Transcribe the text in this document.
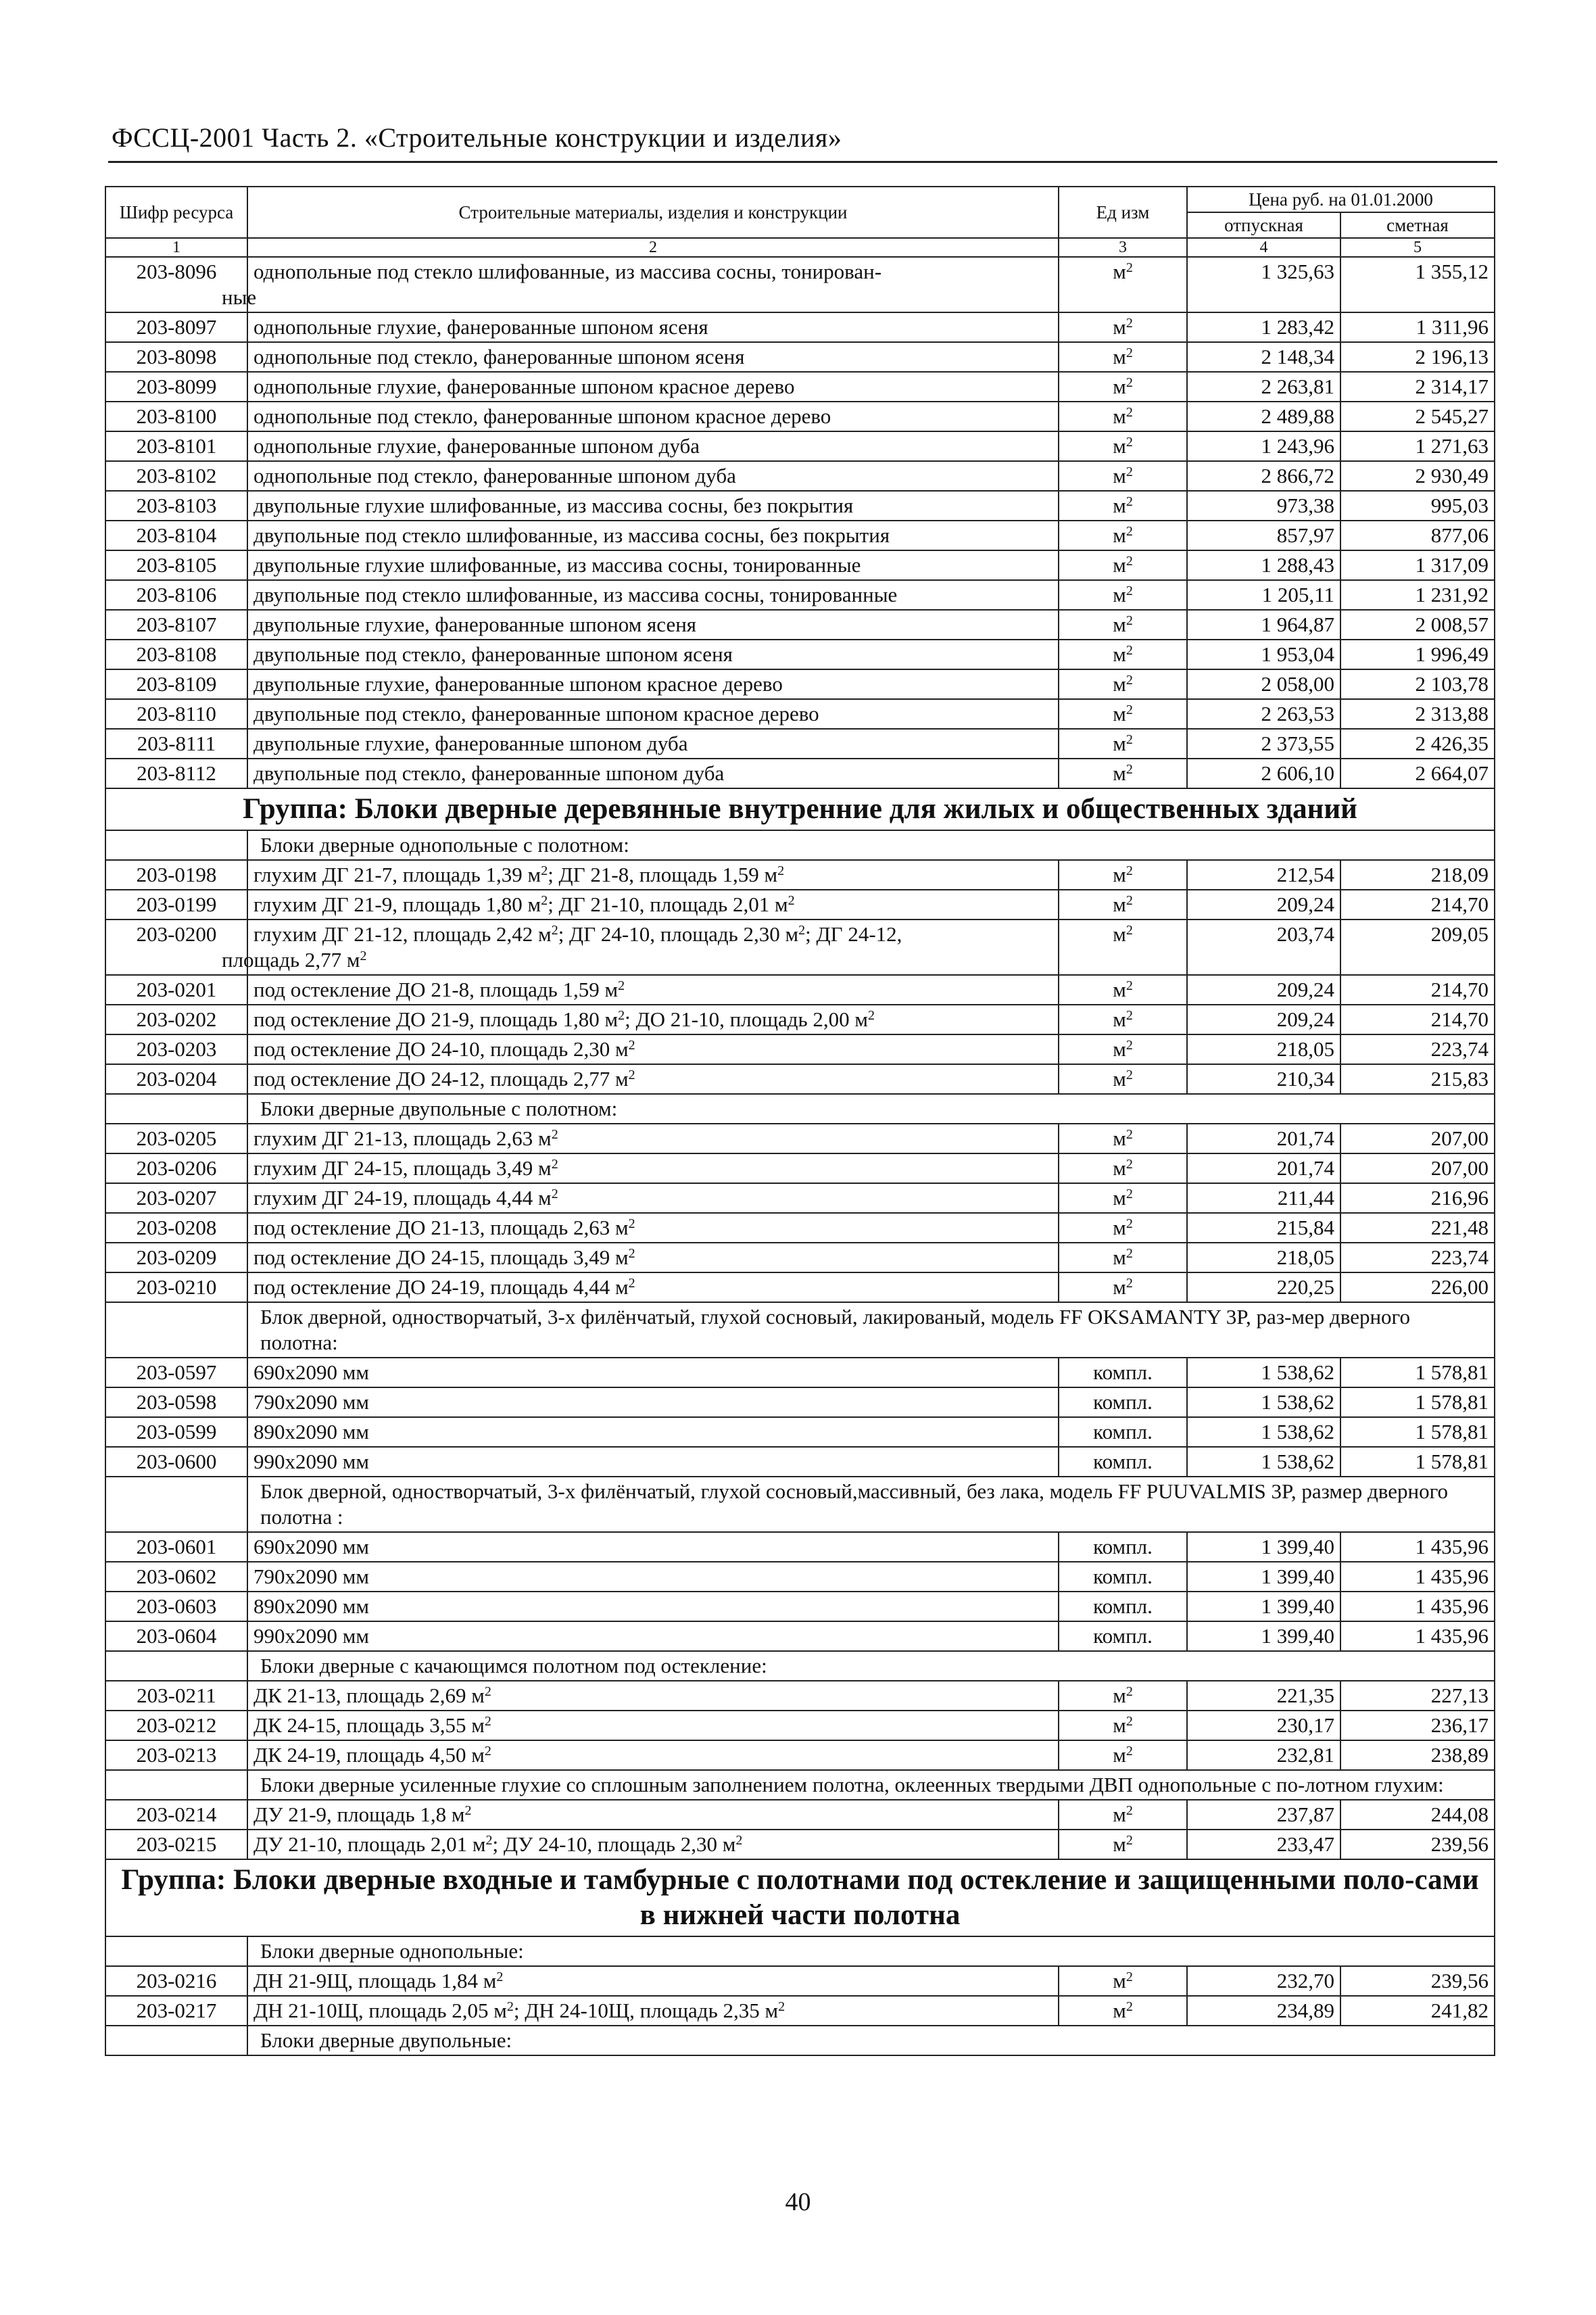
ФССЦ-2001 Часть 2. «Строительные конструкции и изделия»
Шифр ресурса	Строительные материалы, изделия и конструкции	Ед изм	Цена руб. на 01.01.2000	
			отпускная	сметная
1	2	3	4	5
203-8096	однопольные под стекло шлифованные, из массива сосны, тонирован-
ные	$м^2$	1 325,63	1 355,12
203-8097	однопольные глухие, фанерованные шпоном ясеня	$м^2$	1 283,42	1 311,96
203-8098	однопольные под стекло, фанерованные шпоном ясеня	$м^2$	2 148,34	2 196,13
203-8099	однопольные глухие, фанерованные шпоном красное дерево	$м^2$	2 263,81	2 314,17
203-8100	однопольные под стекло, фанерованные шпоном красное дерево	$м^2$	2 489,88	2 545,27
203-8101	однопольные глухие, фанерованные шпоном дуба	$м^2$	1 243,96	1 271,63
203-8102	однопольные под стекло, фанерованные шпоном дуба	$м^2$	2 866,72	2 930,49
203-8103	двупольные глухие шлифованные, из массива сосны, без покрытия	$м^2$	973,38	995,03
203-8104	двупольные под стекло шлифованные, из массива сосны, без покрытия	$м^2$	857,97	877,06
203-8105	двупольные глухие шлифованные, из массива сосны, тонированные	$м^2$	1 288,43	1 317,09
203-8106	двупольные под стекло шлифованные, из массива сосны, тонированные	$м^2$	1 205,11	1 231,92
203-8107	двупольные глухие, фанерованные шпоном ясеня	$м^2$	1 964,87	2 008,57
203-8108	двупольные под стекло, фанерованные шпоном ясеня	$м^2$	1 953,04	1 996,49
203-8109	двупольные глухие, фанерованные шпоном красное дерево	$м^2$	2 058,00	2 103,78
203-8110	двупольные под стекло, фанерованные шпоном красное дерево	$м^2$	2 263,53	2 313,88
203-8111	двупольные глухие, фанерованные шпоном дуба	$м^2$	2 373,55	2 426,35
203-8112	двупольные под стекло, фанерованные шпоном дуба	$м^2$	2 606,10	2 664,07
Группа: Блоки дверные деревянные внутренние для жилых и общественных зданий				
	Блоки дверные однопольные с полотном:			
203-0198	глухим ДГ 21-7, площадь 1,39 $м^2$; ДГ 21-8, площадь 1,59 $м^2$	$м^2$	212,54	218,09
203-0199	глухим ДГ 21-9, площадь 1,80 $м^2$; ДГ 21-10, площадь 2,01 $м^2$	$м^2$	209,24	214,70
203-0200	глухим ДГ 21-12, площадь 2,42 $м^2$; ДГ 24-10, площадь 2,30 $м^2$; ДГ 24-12,
площадь 2,77 $м^2$	$м^2$	203,74	209,05
203-0201	под остекление ДО 21-8, площадь 1,59 $м^2$	$м^2$	209,24	214,70
203-0202	под остекление ДО 21-9, площадь 1,80 $м^2$; ДО 21-10, площадь 2,00 $м^2$	$м^2$	209,24	214,70
203-0203	под остекление ДО 24-10, площадь 2,30 $м^2$	$м^2$	218,05	223,74
203-0204	под остекление ДО 24-12, площадь 2,77 $м^2$	$м^2$	210,34	215,83
	Блоки дверные двупольные с полотном:			
203-0205	глухим ДГ 21-13, площадь 2,63 $м^2$	$м^2$	201,74	207,00
203-0206	глухим ДГ 24-15, площадь 3,49 $м^2$	$м^2$	201,74	207,00
203-0207	глухим ДГ 24-19, площадь 4,44 $м^2$	$м^2$	211,44	216,96
203-0208	под остекление ДО 21-13, площадь 2,63 $м^2$	$м^2$	215,84	221,48
203-0209	под остекление ДО 24-15, площадь 3,49 $м^2$	$м^2$	218,05	223,74
203-0210	под остекление ДО 24-19, площадь 4,44 $м^2$	$м^2$	220,25	226,00
	Блок дверной, одностворчатый, 3-х филёнчатый, глухой сосновый, лакированый, модель FF OKSAMANTY 3P, раз-мер дверного полотна:			
203-0597	690x2090 мм	компл.	1 538,62	1 578,81
203-0598	790x2090 мм	компл.	1 538,62	1 578,81
203-0599	890x2090 мм	компл.	1 538,62	1 578,81
203-0600	990x2090 мм	компл.	1 538,62	1 578,81
	Блок дверной, одностворчатый, 3-х филёнчатый, глухой сосновый,массивный, без лака, модель FF PUUVALMIS 3P, размер дверного полотна :			
203-0601	690x2090 мм	компл.	1 399,40	1 435,96
203-0602	790x2090 мм	компл.	1 399,40	1 435,96
203-0603	890x2090 мм	компл.	1 399,40	1 435,96
203-0604	990x2090 мм	компл.	1 399,40	1 435,96
	Блоки дверные с качающимся полотном под остекление:			
203-0211	ДК 21-13, площадь 2,69 $м^2$	$м^2$	221,35	227,13
203-0212	ДК 24-15, площадь 3,55 $м^2$	$м^2$	230,17	236,17
203-0213	ДК 24-19, площадь 4,50 $м^2$	$м^2$	232,81	238,89
	Блоки дверные усиленные глухие со сплошным заполнением полотна, оклеенных твердыми ДВП однопольные с по-лотном глухим:			
203-0214	ДУ 21-9, площадь 1,8 $м^2$	$м^2$	237,87	244,08
203-0215	ДУ 21-10, площадь 2,01 $м^2$; ДУ 24-10, площадь 2,30 $м^2$	$м^2$	233,47	239,56
Группа: Блоки дверные входные и тамбурные с полотнами под остекление и защищенными поло-сами в нижней части полотна				
	Блоки дверные однопольные:			
203-0216	ДН 21-9Щ, площадь 1,84 $м^2$	$м^2$	232,70	239,56
203-0217	ДН 21-10Щ, площадь 2,05 $м^2$; ДН 24-10Щ, площадь 2,35 $м^2$	$м^2$	234,89	241,82
	Блоки дверные двупольные:			
40
